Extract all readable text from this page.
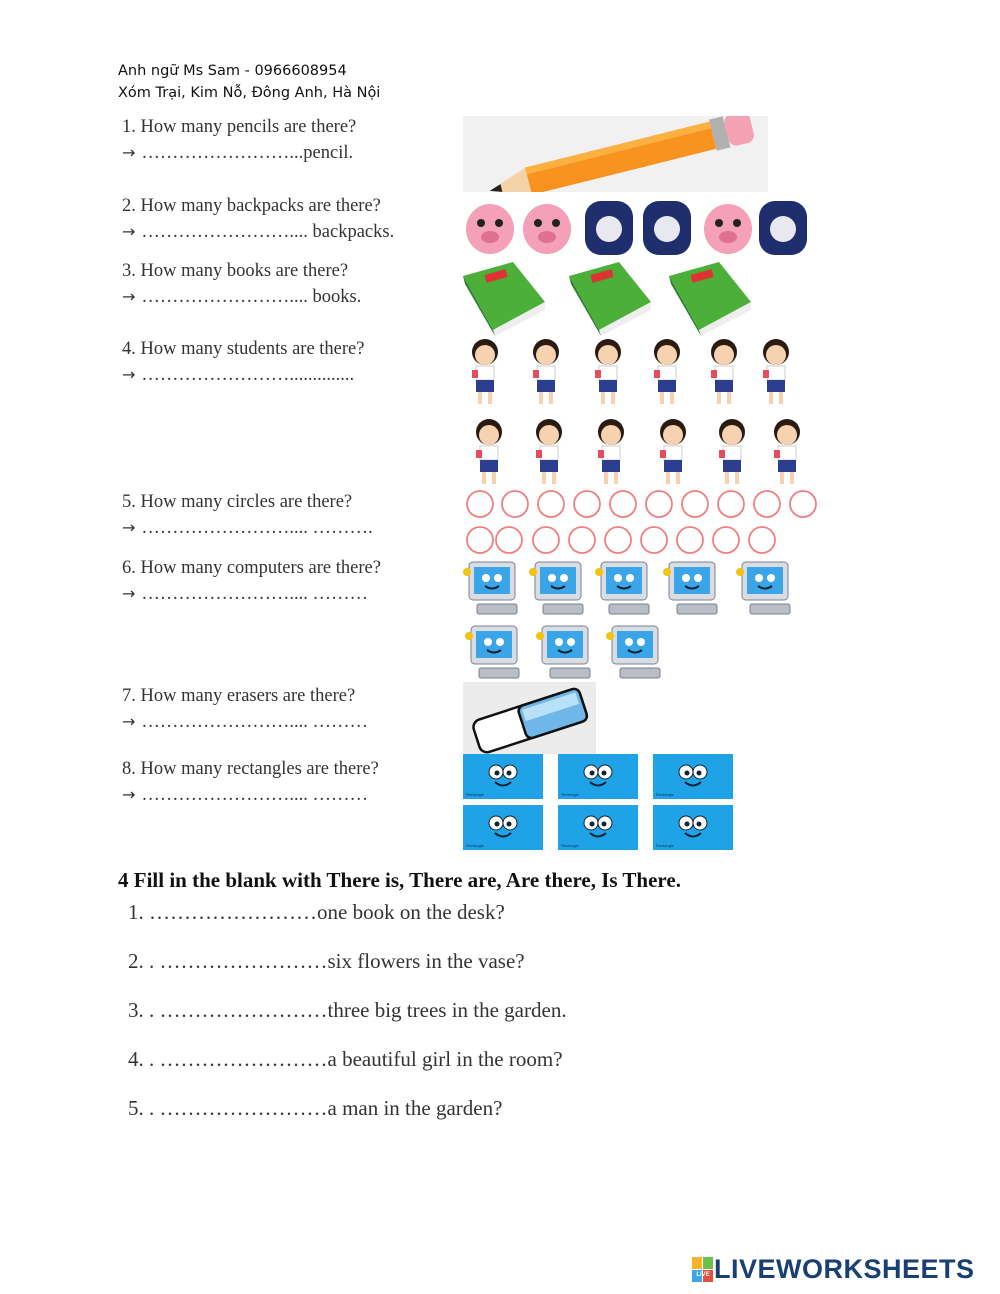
Anh ngữ Ms Sam - 0966608954
Xóm Trại, Kim Nỗ, Đông Anh, Hà Nội
1. How many pencils are there?
→ ……………………...pencil.
2. How many backpacks are there?
→ …………………….... backpacks.
3. How many books are there?
→ …………………….... books.
4. How many students are there?
→ ……………………..............
5. How many circles are there?
→ …………………….... ……….
6. How many computers are there?
→ …………………….... ………
7. How many erasers are there?
→ …………………….... ………
8. How many rectangles are there?
→ …………………….... ………	Rectangle	Rectangle	Rectangle
Rectangle	Rectangle	Rectangle
4 Fill in the blank with There is, There are, Are there, Is There.
1. ……………………one book on the desk?
2. . ……………………six flowers in the vase?
3. . ……………………three big trees in the garden.
4. . ……………………a beautiful girl in the room?
5. . ……………………a man in the garden?
LIVE LIVEWORKSHEETS
